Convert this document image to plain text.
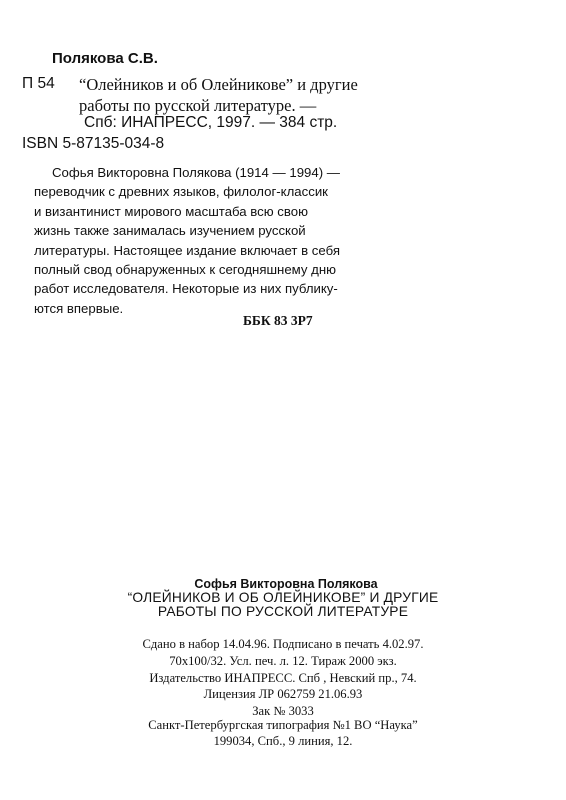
Полякова С.В.

П 54 “Олейников и об Олейникове” и другие

работы по русской литературе. —

Спб: ИНАПРЕСС, 1997. — 384 стр.

ISBN 5-87135-034-8

Софья Викторовна Полякова (1914 — 1994) —
переводчик с древних языков, филолог-классик
и византинист мирового масштаба всю свою
жизнь также занималась изучением русской
литературы. Настоящее издание включает в себя
полный свод обнаруженных к сегодняшнему дню
работ исследователя. Некоторые из них публику-
ются впервые.

ББК 83 3Р7

Софья Викторовна Полякова

“ОЛЕЙНИКОВ И ОБ ОЛЕЙНИКОВЕ” И ДРУГИЕ

РАБОТЫ ПО РУССКОЙ ЛИТЕРАТУРЕ

Сдано в набор 14.04.96. Подписано в печать 4.02.97.

70х100/32. Усл. печ. л. 12. Тираж 2000 экз.

Издательство ИНАПРЕСС. Спб , Невский пр., 74.

Лицензия ЛР 062759 21.06.93

Зак № 3033

Санкт-Петербургская типография №1 ВО “Наука”

199034, Спб., 9 линия, 12.
